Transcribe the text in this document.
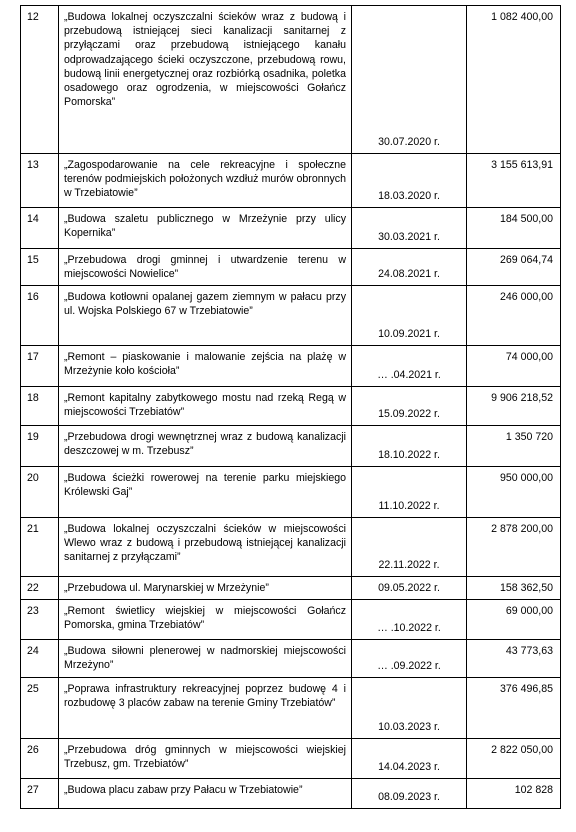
12	„Budowa lokalnej oczyszczalni ścieków wraz z budową i przebudową istniejącej sieci kanalizacji sanitarnej z przyłączami oraz przebudową istniejącego kanału odprowadzającego ścieki oczyszczone, przebudową rowu, budową linii energetycznej oraz rozbiórką osadnika, poletka osadowego oraz ogrodzenia, w miejscowości Gołańcz Pomorska”	30.07.2020 r.	1 082 400,00
13	„Zagospodarowanie na cele rekreacyjne i społeczne terenów podmiejskich położonych wzdłuż murów obronnych w Trzebiatowie”	18.03.2020 r.	3 155 613,91
14	„Budowa szaletu publicznego w Mrzeżynie przy ulicy Kopernika”	30.03.2021 r.	184 500,00
15	„Przebudowa drogi gminnej i utwardzenie terenu w miejscowości Nowielice”	24.08.2021 r.	269 064,74
16	„Budowa kotłowni opalanej gazem ziemnym w pałacu przy ul. Wojska Polskiego 67 w Trzebiatowie”	10.09.2021 r.	246 000,00
17	„Remont – piaskowanie i malowanie zejścia na plażę w Mrzeżynie koło kościoła”	… .04.2021 r.	74 000,00
18	„Remont kapitalny zabytkowego mostu nad rzeką Regą w miejscowości Trzebiatów”	15.09.2022 r.	9 906 218,52
19	„Przebudowa drogi wewnętrznej wraz z budową kanalizacji deszczowej w m. Trzebusz”	18.10.2022 r.	1 350 720
20	„Budowa ścieżki rowerowej na terenie parku miejskiego Królewski Gaj”	11.10.2022 r.	950 000,00
21	„Budowa lokalnej oczyszczalni ścieków w miejscowości Wlewo wraz z budową i przebudową istniejącej kanalizacji sanitarnej z przyłączami”	22.11.2022 r.	2 878 200,00
22	„Przebudowa ul. Marynarskiej w Mrzeżynie”	09.05.2022 r.	158 362,50
23	„Remont świetlicy wiejskiej w miejscowości Gołańcz Pomorska, gmina Trzebiatów”	… .10.2022 r.	69 000,00
24	„Budowa siłowni plenerowej w nadmorskiej miejscowości Mrzeżyno”	… .09.2022 r.	43 773,63
25	„Poprawa infrastruktury rekreacyjnej poprzez budowę 4 i rozbudowę 3 placów zabaw na terenie Gminy Trzebiatów”	10.03.2023 r.	376 496,85
26	„Przebudowa dróg gminnych w miejscowości wiejskiej Trzebusz, gm. Trzebiatów”	14.04.2023 r.	2 822 050,00
27	„Budowa placu zabaw przy Pałacu w Trzebiatowie”	08.09.2023 r.	102 828
